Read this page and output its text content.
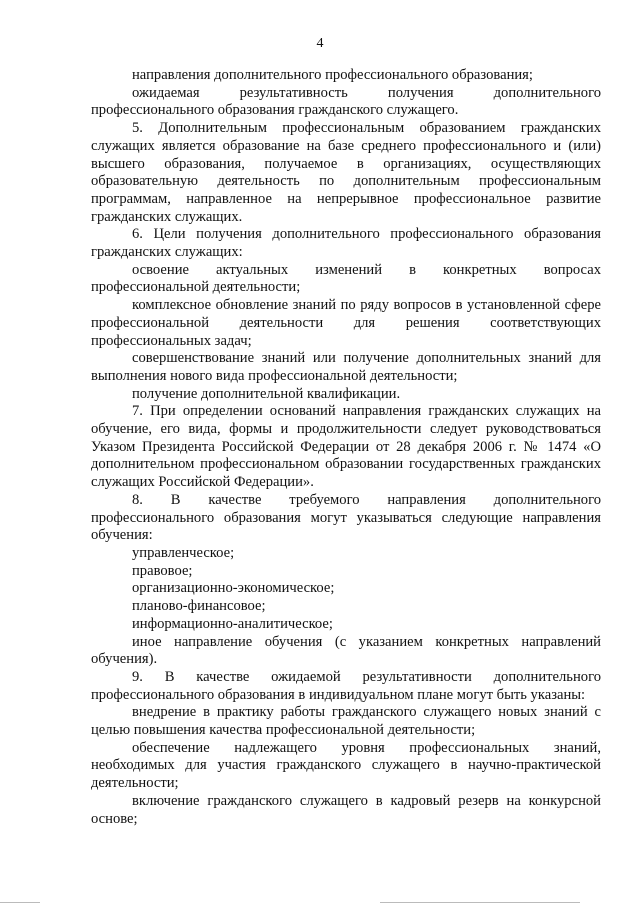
4

направления дополнительного профессионального образования;

ожидаемая результативность получения дополнительного профессионального образования гражданского служащего.

5. Дополнительным профессиональным образованием гражданских служащих является образование на базе среднего профессионального и (или) высшего образования, получаемое в организациях, осуществляющих образовательную деятельность по дополнительным профессиональным программам, направленное на непрерывное профессиональное развитие гражданских служащих.

6. Цели получения дополнительного профессионального образования гражданских служащих:

освоение актуальных изменений в конкретных вопросах профессиональной деятельности;

комплексное обновление знаний по ряду вопросов в установленной сфере профессиональной деятельности для решения соответствующих профессиональных задач;

совершенствование знаний или получение дополнительных знаний для выполнения нового вида профессиональной деятельности;

получение дополнительной квалификации.

7. При определении оснований направления гражданских служащих на обучение, его вида, формы и продолжительности следует руководствоваться Указом Президента Российской Федерации от 28 декабря 2006 г. № 1474 «О дополнительном профессиональном образовании государственных гражданских служащих Российской Федерации».

8. В качестве требуемого направления дополнительного профессионального образования могут указываться следующие направления обучения:

управленческое;

правовое;

организационно-экономическое;

планово-финансовое;

информационно-аналитическое;

иное направление обучения (с указанием конкретных направлений обучения).

9. В качестве ожидаемой результативности дополнительного профессионального образования в индивидуальном плане могут быть указаны:

внедрение в практику работы гражданского служащего новых знаний с целью повышения качества профессиональной деятельности;

обеспечение надлежащего уровня профессиональных знаний, необходимых для участия гражданского служащего в научно-практической деятельности;

включение гражданского служащего в кадровый резерв на конкурсной основе;
